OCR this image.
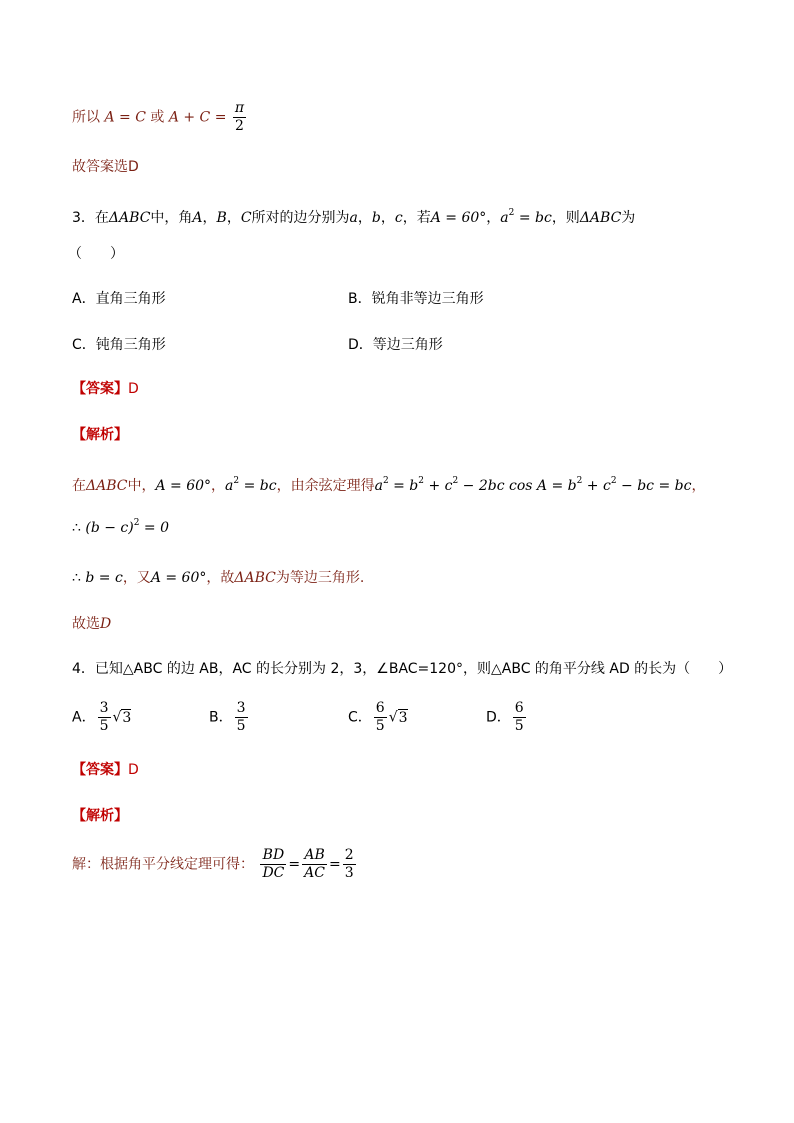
所以 A = C 或 $A + C = \frac{\pi}{2}$
故答案选D
3．在ΔABC中，角A，B，C所对的边分别为a，b，c，若A = 60°，$a^2$ = bc，则ΔABC为
（　　）
A．直角三角形	B．锐角非等边三角形
C．钝角三角形	D．等边三角形
【答案】D
【解析】
在ΔABC中，A = 60°，$a^2$ = bc，由余弦定理得$a^2 = b^2 + c^2 - 2bc$ $\cos A = b^2 + c^2$ − bc = bc，
∴ $(b - c)^2 = 0$
∴ b = c，又A = 60°，故ΔABC为等边三角形.
故选D
4．已知△ABC 的边 AB，AC 的长分别为 2，3，∠BAC=120°，则△ABC 的角平分线 AD 的长为（　　）
A． $\frac{3}{5} √3$	B． $\frac{3}{5}$	C． $\frac{6}{5} √3$	D． $\frac{6}{5}$
【答案】D
【解析】
解：根据角平分线定理可得： $\frac{BD}{DC} = \frac{AB}{AC} = \frac{2}{3}$
